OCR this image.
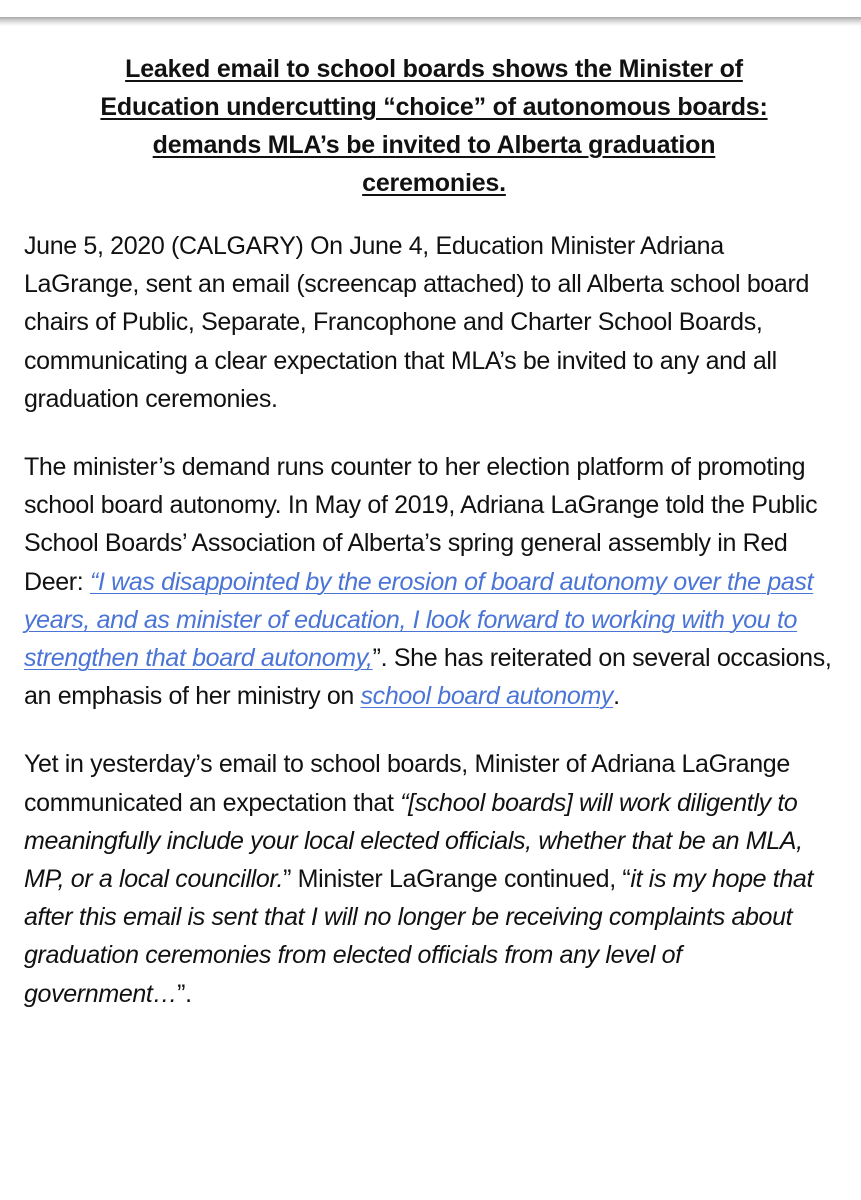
Leaked email to school boards shows the Minister of
Education undercutting “choice” of autonomous boards:
demands MLA’s be invited to Alberta graduation
ceremonies.

June 5, 2020 (CALGARY) On June 4, Education Minister Adriana LaGrange, sent an email (screencap attached) to all Alberta school board chairs of Public, Separate, Francophone and Charter School Boards, communicating a clear expectation that MLA’s be invited to any and all graduation ceremonies.

The minister’s demand runs counter to her election platform of promoting school board autonomy. In May of 2019, Adriana LaGrange told the Public School Boards’ Association of Alberta’s spring general assembly in Red Deer: “I was disappointed by the erosion of board autonomy over the past years, and as minister of education, I look forward to working with you to strengthen that board autonomy,”. She has reiterated on several occasions, an emphasis of her ministry on school board autonomy.

Yet in yesterday’s email to school boards, Minister of Adriana LaGrange communicated an expectation that “[school boards] will work diligently to meaningfully include your local elected officials, whether that be an MLA, MP, or a local councillor.” Minister LaGrange continued, “it is my hope that after this email is sent that I will no longer be receiving complaints about graduation ceremonies from elected officials from any level of government…”.
